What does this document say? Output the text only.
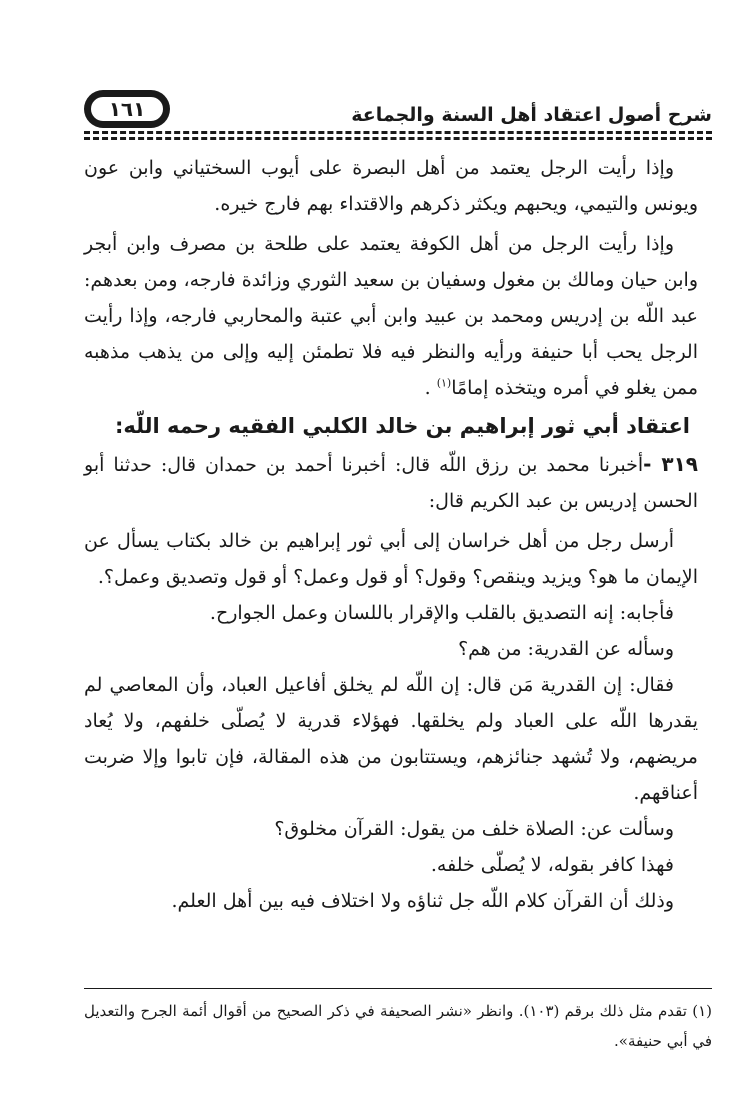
شرح أصول اعتقاد أهل السنة والجماعة
١٦١

وإذا رأيت الرجل يعتمد من أهل البصرة على أيوب السختياني وابن عون ويونس والتيمي، ويحبهم ويكثر ذكرهم والاقتداء بهم فارج خيره.

وإذا رأيت الرجل من أهل الكوفة يعتمد على طلحة بن مصرف وابن أبجر وابن حيان ومالك بن مغول وسفيان بن سعيد الثوري وزائدة فارجه، ومن بعدهم: عبد اللّه بن إدريس ومحمد بن عبيد وابن أبي عتبة والمحاربي فارجه، وإذا رأيت الرجل يحب أبا حنيفة ورأيه والنظر فيه فلا تطمئن إليه وإلى من يذهب مذهبه ممن يغلو في أمره ويتخذه إمامًا$^{(١)}$ .

اعتقاد أبي ثور إبراهيم بن خالد الكلبي الفقيه رحمه اللّه:

٣١٩ -أخبرنا محمد بن رزق اللّه قال: أخبرنا أحمد بن حمدان قال: حدثنا أبو الحسن إدريس بن عبد الكريم قال:

أرسل رجل من أهل خراسان إلى أبي ثور إبراهيم بن خالد بكتاب يسأل عن الإيمان ما هو؟ ويزيد وينقص؟ وقول؟ أو قول وعمل؟ أو قول وتصديق وعمل؟.

فأجابه: إنه التصديق بالقلب والإقرار باللسان وعمل الجوارح.

وسأله عن القدرية: من هم؟

فقال: إن القدرية مَن قال: إن اللّه لم يخلق أفاعيل العباد، وأن المعاصي لم يقدرها اللّه على العباد ولم يخلقها. فهؤلاء قدرية لا يُصلّى خلفهم، ولا يُعاد مريضهم، ولا تُشهد جنائزهم، ويستتابون من هذه المقالة، فإن تابوا وإلا ضربت أعناقهم.

وسألت عن: الصلاة خلف من يقول: القرآن مخلوق؟

فهذا كافر بقوله، لا يُصلّى خلفه.

وذلك أن القرآن كلام اللّه جل ثناؤه ولا اختلاف فيه بين أهل العلم.

(١) تقدم مثل ذلك برقم (١٠٣). وانظر «نشر الصحيفة في ذكر الصحيح من أقوال أئمة الجرح والتعديل في أبي حنيفة».
